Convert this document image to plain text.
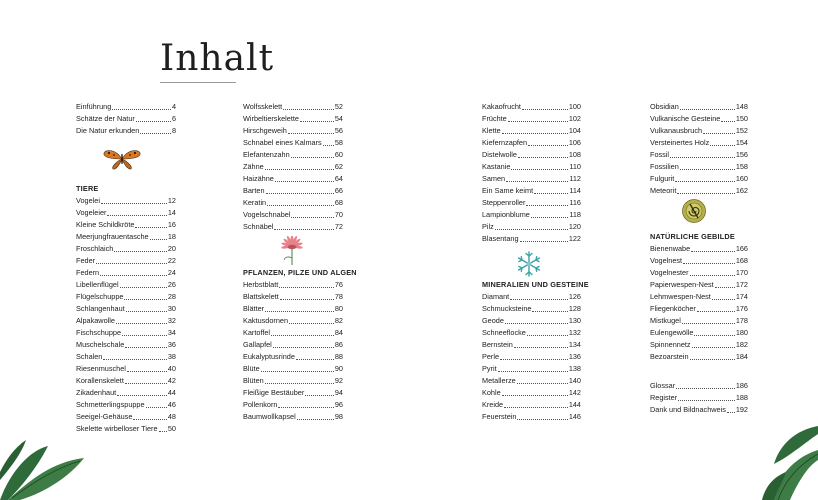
Inhalt
Einführung	4
Schätze der Natur	6
Die Natur erkunden	8
TIERE
Vogelei	12
Vogeleier	14
Kleine Schildkröte	16
Meerjungfrauentasche	18
Froschlaich	20
Feder	22
Federn	24
Libellenflügel	26
Flügelschuppe	28
Schlangenhaut	30
Alpakawolle	32
Fischschuppe	34
Muschelschale	36
Schalen	38
Riesenmuschel	40
Korallenskelett	42
Zikadenhaut	44
Schmetterlingspuppe	46
Seeigel-Gehäuse	48
Skelette wirbelloser Tiere 50
Wolfsskelett	52
Wirbeltierskelette	54
Hirschgeweih	56
Schnabel eines Kalmars 58
Elefantenzahn	60
Zähne	62
Haizähne	64
Barten	66
Keratin	68
Vogelschnabel	70
Schnäbel	72
PFLANZEN, PILZE UND ALGEN
Herbstblatt	76
Blattskelett	78
Blätter	80
Kaktusdornen	82
Kartoffel	84
Gallapfel	86
Eukalyptusrinde	88
Blüte	90
Blüten	92
Fleißige Bestäuber	94
Pollenkorn	96
Baumwollkapsel	98
Kakaofrucht	100
Früchte	102
Klette	104
Kiefernzapfen	106
Distelwolle	108
Kastanie	110
Samen	112
Ein Same keimt	114
Steppenroller	116
Lampionblume	118
Pilz	120
Blasentang	122
MINERALIEN UND GESTEINE
Diamant	126
Schmucksteine	128
Geode	130
Schneeflocke	132
Bernstein	134
Perle	136
Pyrit	138
Metallerze	140
Kohle	142
Kreide	144
Feuerstein	146
Obsidian	148
Vulkanische Gesteine 150
Vulkanausbruch	152
Versteinertes Holz	154
Fossil	156
Fossilien	158
Fulgurit	160
Meteorit	162
NATÜRLICHE GEBILDE
Bienenwabe	166
Vogelnest	168
Vogelnester	170
Papierwespen-Nest	172
Lehmwespen-Nest	174
Fliegenköcher	176
Mistkugel	178
Eulengewölle	180
Spinnennetz	182
Bezoarstein	184
Glossar	186
Register	188
Dank und Bildnachweis 192
